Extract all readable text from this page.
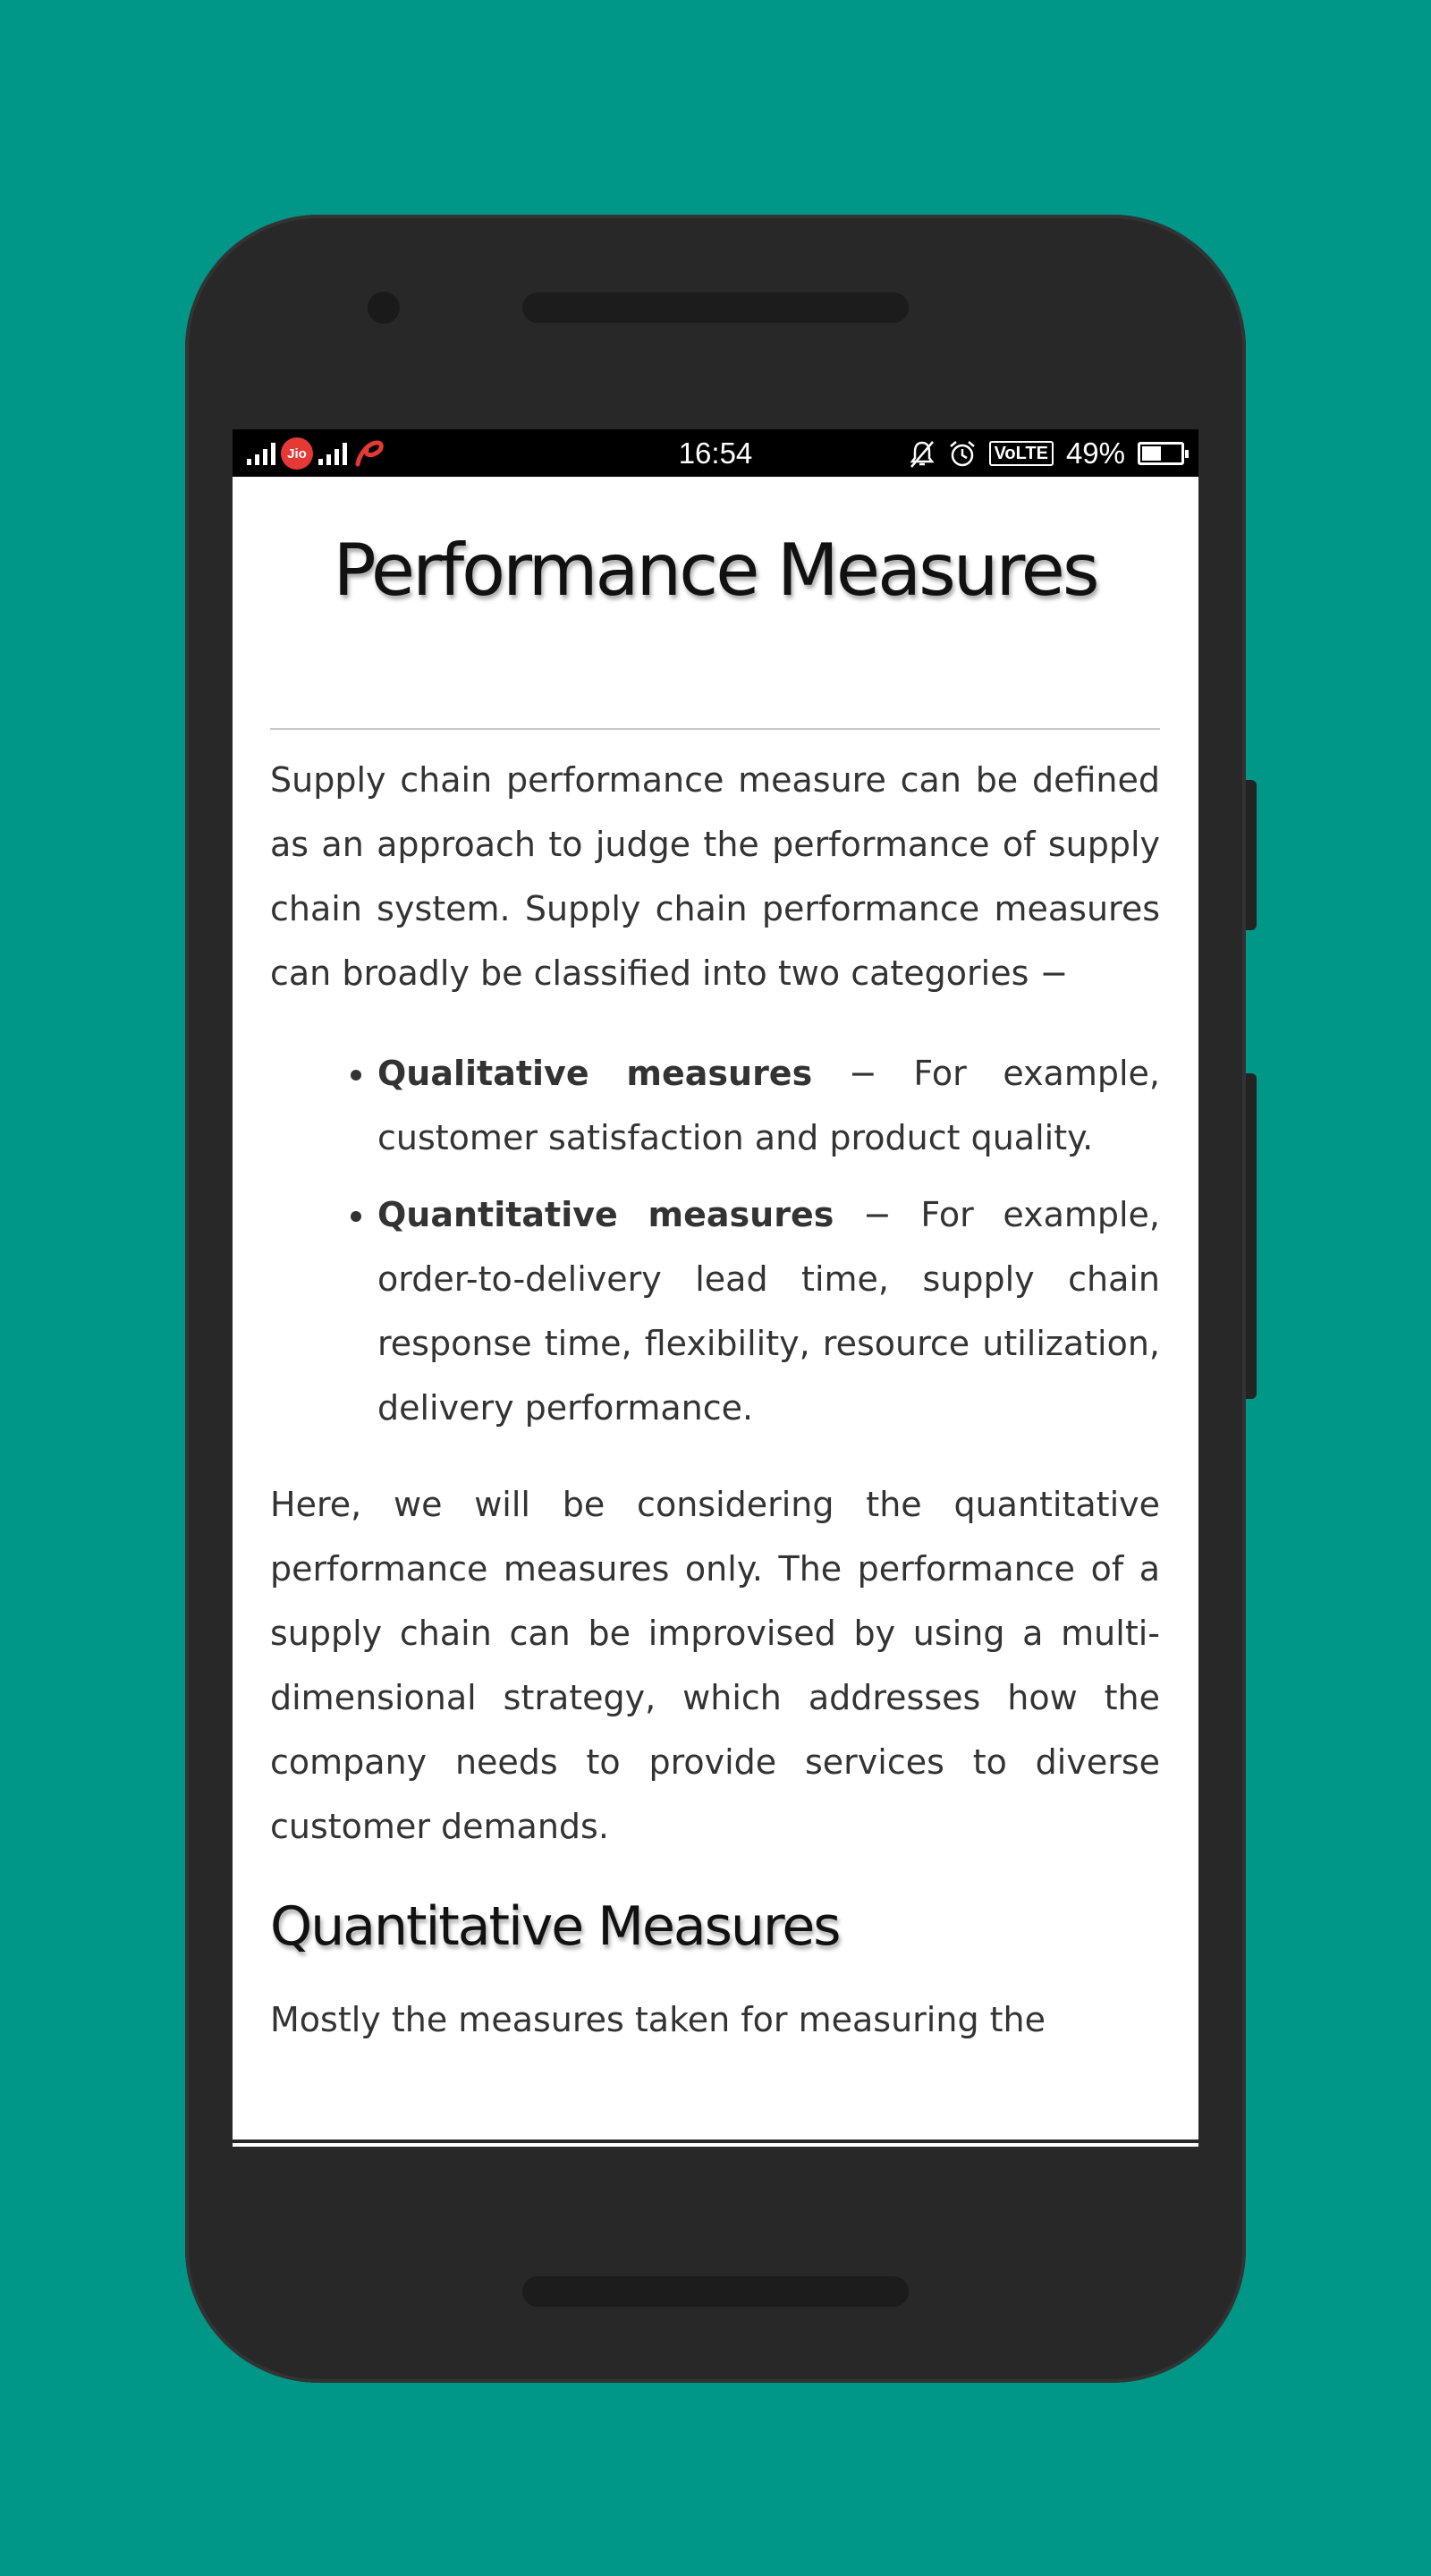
Jio	16:54	VoLTE 49%
Performance Measures

Supply chain performance measure can be defined as an approach to judge the performance of supply chain system. Supply chain performance measures can broadly be classified into two categories −

• Qualitative measures − For example, customer satisfaction and product quality.
• Quantitative measures − For example, order-to-delivery lead time, supply chain response time, flexibility, resource utilization, delivery performance.

Here, we will be considering the quantitative performance measures only. The performance of a supply chain can be improvised by using a multi-dimensional strategy, which addresses how the company needs to provide services to diverse customer demands.

Quantitative Measures

Mostly the measures taken for measuring the
